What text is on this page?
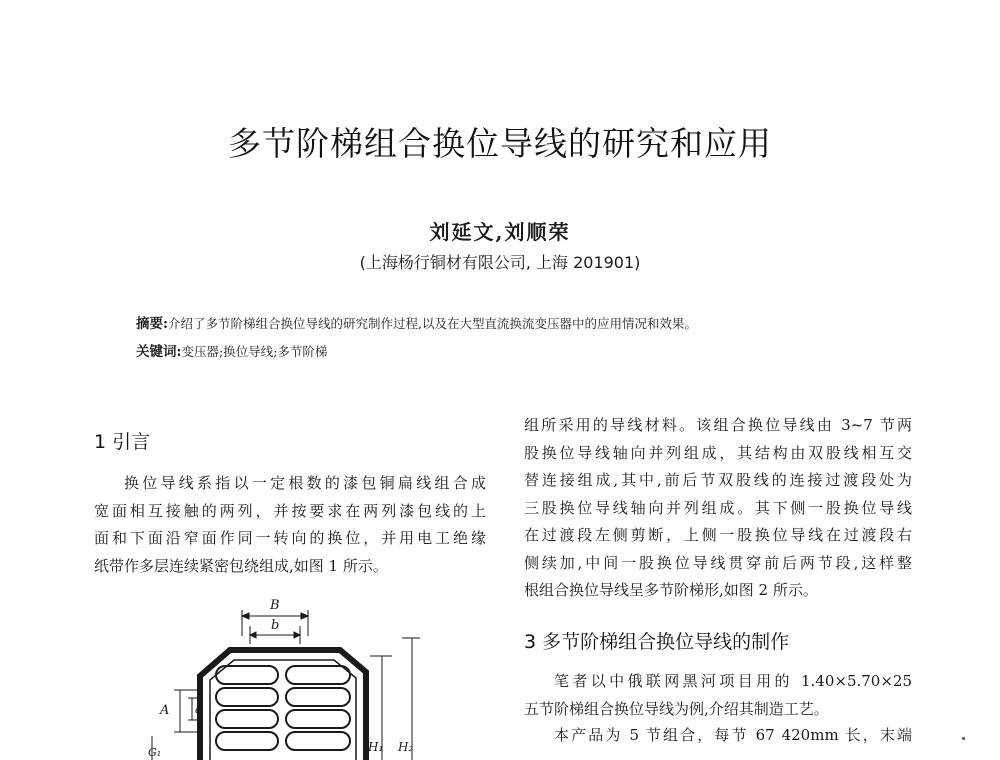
多节阶梯组合换位导线的研究和应用
刘延文,刘顺荣
(上海杨行铜材有限公司, 上海 201901)
摘要:介绍了多节阶梯组合换位导线的研究制作过程,以及在大型直流换流变压器中的应用情况和效果。
关键词:变压器;换位导线;多节阶梯
1 引言
换位导线系指以一定根数的漆包铜扁线组合成
宽面相互接触的两列，并按要求在两列漆包线的上
面和下面沿窄面作同一转向的换位，并用电工绝缘
纸带作多层连续紧密包绕组成,如图 1 所示。
组所采用的导线材料。该组合换位导线由 3~7 节两
股换位导线轴向并列组成，其结构由双股线相互交
替连接组成,其中,前后节双股线的连接过渡段处为
三股换位导线轴向并列组成。其下侧一股换位导线
在过渡段左侧剪断，上侧一股换位导线在过渡段右
侧续加,中间一股换位导线贯穿前后两节段,这样整
根组合换位导线呈多节阶梯形,如图 2 所示。
3 多节阶梯组合换位导线的制作
笔者以中俄联网黑河项目用的 1.40×5.70×25
五节阶梯组合换位导线为例,介绍其制造工艺。
本产品为 5 节组合，每节 67 420mm 长，末端
B
b
A a
G₁	H₁ H₂
